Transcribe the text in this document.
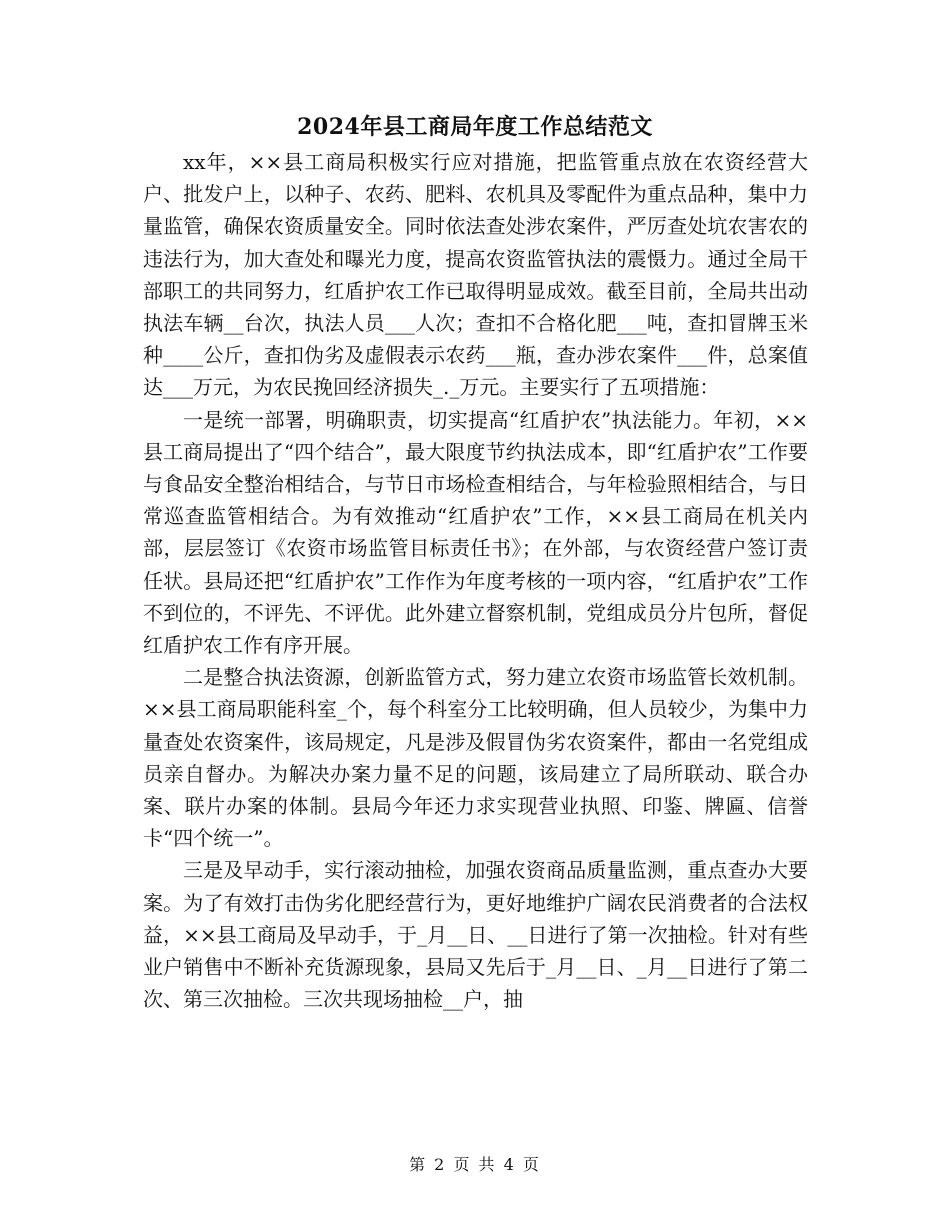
2024年县工商局年度工作总结范文

xx年，××县工商局积极实行应对措施，把监管重点放在农资经营大户、批发户上，以种子、农药、肥料、农机具及零配件为重点品种，集中力量监管，确保农资质量安全。同时依法查处涉农案件，严厉查处坑农害农的违法行为，加大查处和曝光力度，提高农资监管执法的震慑力。通过全局干部职工的共同努力，红盾护农工作已取得明显成效。截至目前，全局共出动执法车辆__台次，执法人员___人次；查扣不合格化肥___吨，查扣冒牌玉米种____公斤，查扣伪劣及虚假表示农药___瓶，查办涉农案件___件，总案值达___万元，为农民挽回经济损失_._万元。主要实行了五项措施：

一是统一部署，明确职责，切实提高“红盾护农”执法能力。年初，××县工商局提出了“四个结合”，最大限度节约执法成本，即“红盾护农”工作要与食品安全整治相结合，与节日市场检查相结合，与年检验照相结合，与日常巡查监管相结合。为有效推动“红盾护农”工作，××县工商局在机关内部，层层签订《农资市场监管目标责任书》；在外部，与农资经营户签订责任状。县局还把“红盾护农”工作作为年度考核的一项内容，“红盾护农”工作不到位的，不评先、不评优。此外建立督察机制，党组成员分片包所，督促红盾护农工作有序开展。

二是整合执法资源，创新监管方式，努力建立农资市场监管长效机制。××县工商局职能科室_个，每个科室分工比较明确，但人员较少，为集中力量查处农资案件，该局规定，凡是涉及假冒伪劣农资案件，都由一名党组成员亲自督办。为解决办案力量不足的问题，该局建立了局所联动、联合办案、联片办案的体制。县局今年还力求实现营业执照、印鉴、牌匾、信誉卡“四个统一”。

三是及早动手，实行滚动抽检，加强农资商品质量监测，重点查办大要案。为了有效打击伪劣化肥经营行为，更好地维护广阔农民消费者的合法权益，××县工商局及早动手，于_月__日、__日进行了第一次抽检。针对有些业户销售中不断补充货源现象，县局又先后于_月__日、_月__日进行了第二次、第三次抽检。三次共现场抽检__户，抽

第 2 页 共 4 页
